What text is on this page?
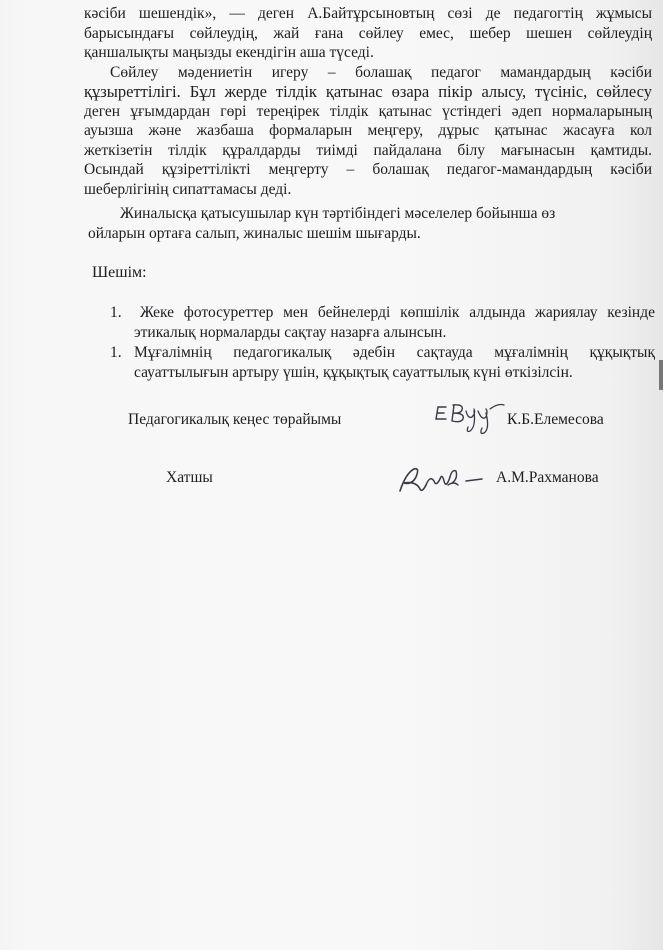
кәсіби шешендік», — деген А.Байтұрсыновтың сөзі де педагогтің жұмысы
барысындағы сөйлеудің, жай ғана сөйлеу емес, шебер шешен сөйлеудің
қаншалықты маңызды екендігін аша түседі.
Сөйлеу мәдениетін игеру – болашақ педагог мамандардың кәсіби
құзыреттілігі. Бұл жерде тілдік қатынас өзара пікір алысу, түсініс, сөйлесу
деген ұғымдардан гөрі тереңірек тілдік қатынас үстіндегі әдеп нормаларының
ауызша және жазбаша формаларын меңгеру, дұрыс қатынас жасауға кол
жеткізетін тілдік құралдарды тиімді пайдалана білу мағынасын қамтиды.
Осындай құзіреттілікті меңгерту – болашақ педагог-мамандардың кәсіби
шеберлігінің сипаттамасы деді.
Жиналысқа қатысушылар күн тәртібіндегі мәселелер бойынша өз
ойларын ортаға салып, жиналыс шешім шығарды.
Шешім:
1.	Жеке фотосуреттер мен бейнелерді көпшілік алдында жариялау кезінде
этикалық нормаларды сақтау назарға алынсын.
1. Мұғалімнің педагогикалық әдебін сақтауда мұғалімнің құқықтық
сауаттылығын артыру үшін, құқықтық сауаттылық күні өткізілсін.
Педагогикалық кеңес төрайымы	К.Б.Елемесова
Хатшы	А.М.Рахманова
